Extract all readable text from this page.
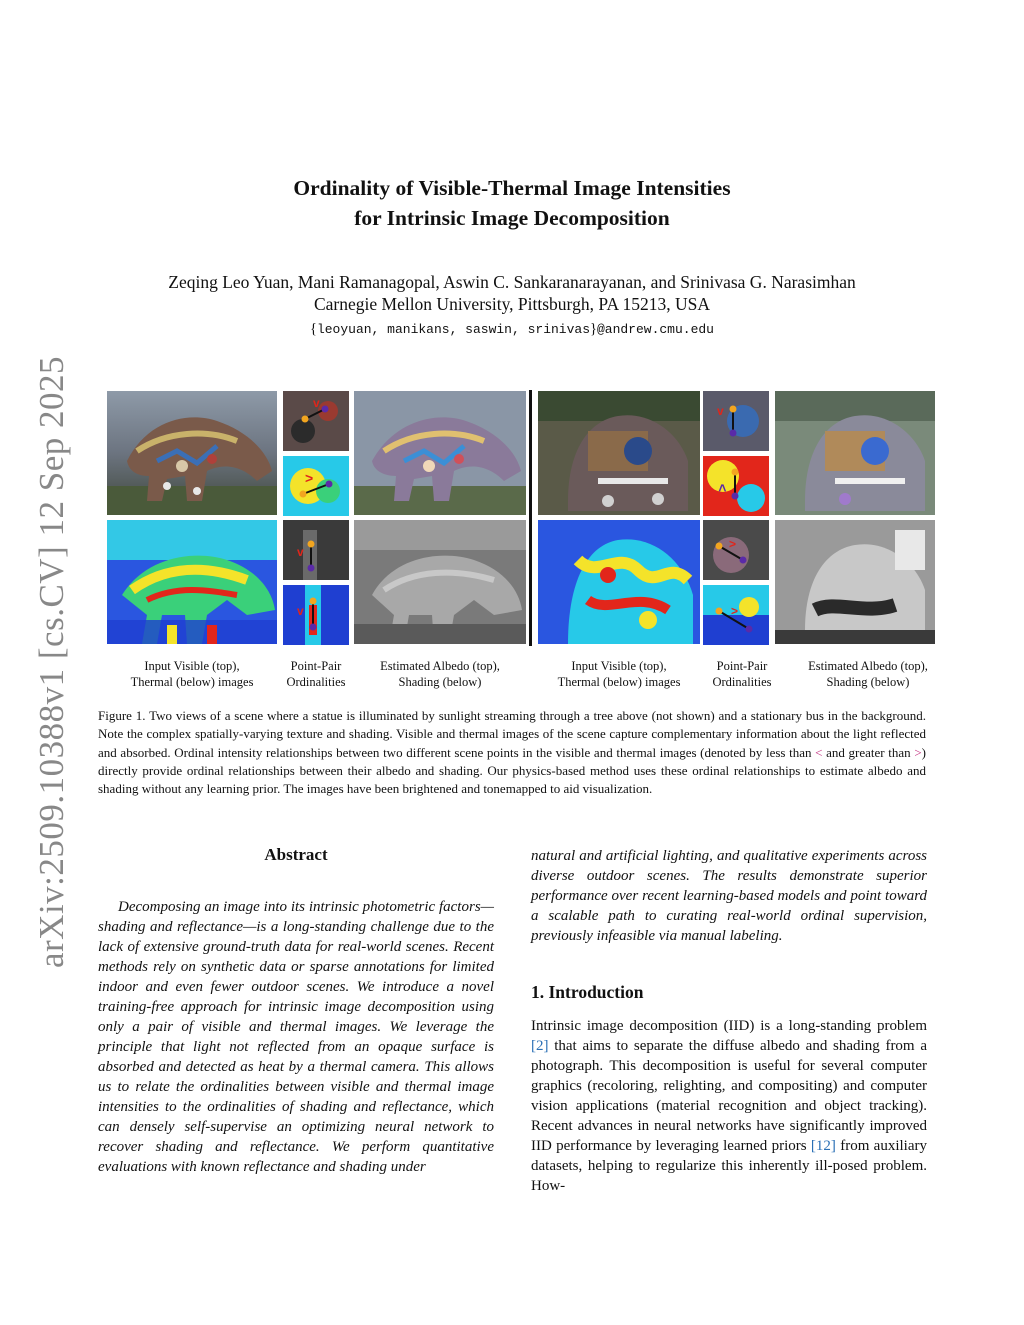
arXiv:2509.10388v1 [cs.CV] 12 Sep 2025
Ordinality of Visible-Thermal Image Intensities
for Intrinsic Image Decomposition
Zeqing Leo Yuan, Mani Ramanagopal, Aswin C. Sankaranarayanan, and Srinivasa G. Narasimhan
Carnegie Mellon University, Pittsburgh, PA 15213, USA
{leoyuan, manikans, saswin, srinivas}@andrew.cmu.edu
v
>
v
v
v
>
>
>
Input Visible (top),
Thermal (below) images
Point-Pair
Ordinalities
Estimated Albedo (top),
Shading (below)
Input Visible (top),
Thermal (below) images
Point-Pair
Ordinalities
Estimated Albedo (top),
Shading (below)
Figure 1. Two views of a scene where a statue is illuminated by sunlight streaming through a tree above (not shown) and a stationary bus in the background. Note the complex spatially-varying texture and shading. Visible and thermal images of the scene capture complementary information about the light reflected and absorbed. Ordinal intensity relationships between two different scene points in the visible and thermal images (denoted by less than < and greater than >) directly provide ordinal relationships between their albedo and shading. Our physics-based method uses these ordinal relationships to estimate albedo and shading without any learning prior. The images have been brightened and tonemapped to aid visualization.
Abstract
Decomposing an image into its intrinsic photometric factors—shading and reflectance—is a long-standing challenge due to the lack of extensive ground-truth data for real-world scenes. Recent methods rely on synthetic data or sparse annotations for limited indoor and even fewer outdoor scenes. We introduce a novel training-free approach for intrinsic image decomposition using only a pair of visible and thermal images. We leverage the principle that light not reflected from an opaque surface is absorbed and detected as heat by a thermal camera. This allows us to relate the ordinalities between visible and thermal image intensities to the ordinalities of shading and reflectance, which can densely self-supervise an optimizing neural network to recover shading and reflectance. We perform quantitative evaluations with known reflectance and shading under
natural and artificial lighting, and qualitative experiments across diverse outdoor scenes. The results demonstrate superior performance over recent learning-based models and point toward a scalable path to curating real-world ordinal supervision, previously infeasible via manual labeling.
1. Introduction
Intrinsic image decomposition (IID) is a long-standing problem [2] that aims to separate the diffuse albedo and shading from a photograph. This decomposition is useful for several computer graphics (recoloring, relighting, and compositing) and computer vision applications (material recognition and object tracking). Recent advances in neural networks have significantly improved IID performance by leveraging learned priors [12] from auxiliary datasets, helping to regularize this inherently ill-posed problem. How-
